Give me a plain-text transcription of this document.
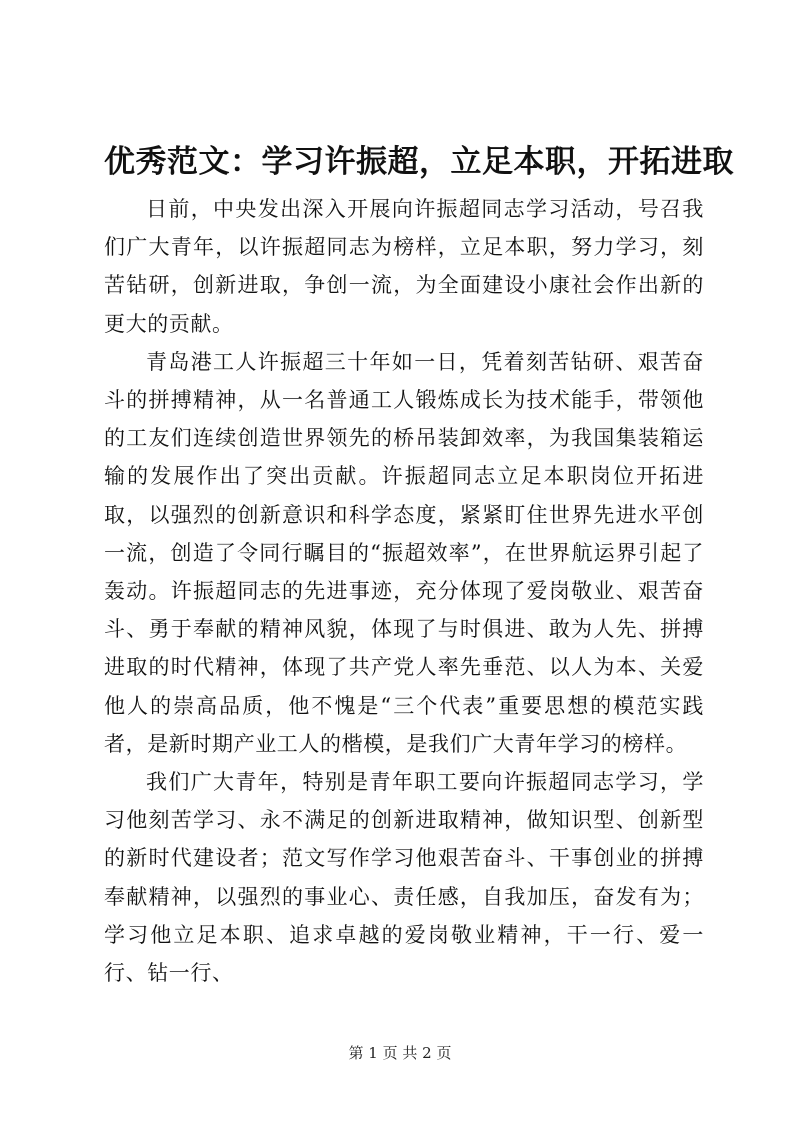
优秀范文：学习许振超，立足本职，开拓进取

日前，中央发出深入开展向许振超同志学习活动，号召我们广大青年，以许振超同志为榜样，立足本职，努力学习，刻苦钻研，创新进取，争创一流，为全面建设小康社会作出新的更大的贡献。

青岛港工人许振超三十年如一日，凭着刻苦钻研、艰苦奋斗的拼搏精神，从一名普通工人锻炼成长为技术能手，带领他的工友们连续创造世界领先的桥吊装卸效率，为我国集装箱运输的发展作出了突出贡献。许振超同志立足本职岗位开拓进取，以强烈的创新意识和科学态度，紧紧盯住世界先进水平创一流，创造了令同行瞩目的“振超效率”，在世界航运界引起了轰动。许振超同志的先进事迹，充分体现了爱岗敬业、艰苦奋斗、勇于奉献的精神风貌，体现了与时俱进、敢为人先、拼搏进取的时代精神，体现了共产党人率先垂范、以人为本、关爱他人的崇高品质，他不愧是“三个代表”重要思想的模范实践者，是新时期产业工人的楷模，是我们广大青年学习的榜样。

我们广大青年，特别是青年职工要向许振超同志学习，学习他刻苦学习、永不满足的创新进取精神，做知识型、创新型的新时代建设者；范文写作学习他艰苦奋斗、干事创业的拼搏奉献精神，以强烈的事业心、责任感，自我加压，奋发有为；学习他立足本职、追求卓越的爱岗敬业精神，干一行、爱一行、钻一行、

第 1 页 共 2 页
